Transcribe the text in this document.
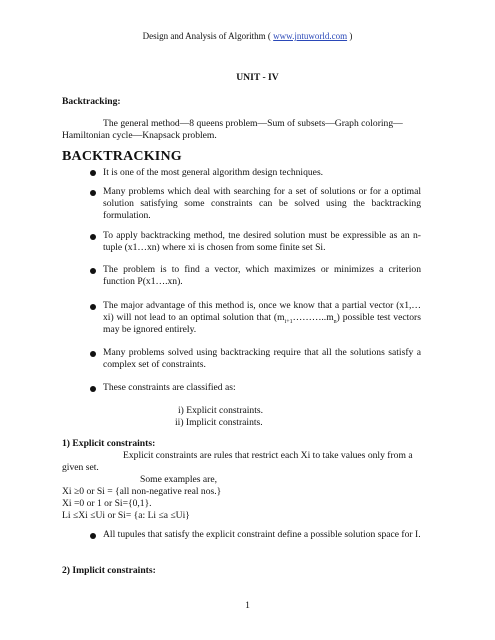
Design and Analysis of Algorithm ( www.jntuworld.com )
UNIT - IV
Backtracking:
The general method—8 queens problem—Sum of subsets—Graph coloring—
Hamiltonian cycle—Knapsack problem.
BACKTRACKING
It is one of the most general algorithm design techniques.
Many problems which deal with searching for a set of solutions or for a optimal solution satisfying some constraints can be solved using the backtracking formulation.
To apply backtracking method, tne desired solution must be expressible as an n-tuple (x1…xn) where xi is chosen from some finite set Si.
The problem is to find a vector, which maximizes or minimizes a criterion function P(x1….xn).
The major advantage of this method is, once we know that a partial vector (x1,…xi) will not lead to an optimal solution that $(m_{i+1}\dots\dots\dots..m_n)$ possible test vectors may be ignored entirely.
Many problems solved using backtracking require that all the solutions satisfy a complex set of constraints.
These constraints are classified as:
i) Explicit constraints.
ii) Implicit constraints.
1) Explicit constraints:
Explicit constraints are rules that restrict each Xi to take values only from a
given set.
Some examples are,
Xi ≥0 or Si = {all non-negative real nos.}
Xi =0 or 1 or Si={0,1}.
Li ≤Xi ≤Ui or Si= {a: Li ≤a ≤Ui}
All tupules that satisfy the explicit constraint define a possible solution space for I.
2) Implicit constraints:
1
